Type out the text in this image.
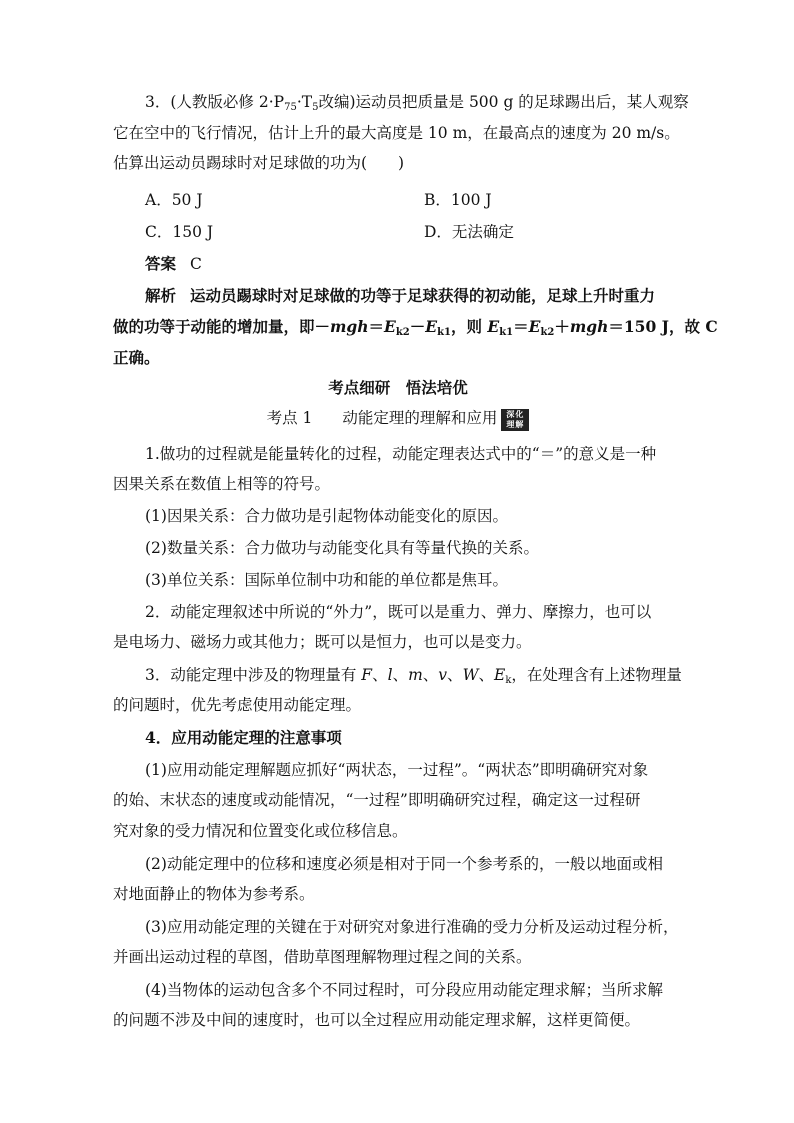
3．(人教版必修 $2\cdot P_{75}\cdot T_5$改编)运动员把质量是 500 g 的足球踢出后，某人观察
它在空中的飞行情况，估计上升的最大高度是 10 m，在最高点的速度为 20 m/s。
估算出运动员踢球时对足球做的功为(　　)
A．50 J	B．100 J
C．150 J	D．无法确定
答案 C
解析 运动员踢球时对足球做的功等于足球获得的初动能，足球上升时重力
做的功等于动能的增加量，即$-mgh=E_{k2}-E_{k1}$，则 $E_{k1}=E_{k2}+mgh=150$ J，故 C
正确。
考点细研　悟法培优
考点 1 动能定理的理解和应用 深化
理解
1.做功的过程就是能量转化的过程，动能定理表达式中的“＝”的意义是一种
因果关系在数值上相等的符号。
(1)因果关系：合力做功是引起物体动能变化的原因。
(2)数量关系：合力做功与动能变化具有等量代换的关系。
(3)单位关系：国际单位制中功和能的单位都是焦耳。
2．动能定理叙述中所说的“外力”，既可以是重力、弹力、摩擦力，也可以
是电场力、磁场力或其他力；既可以是恒力，也可以是变力。
3．动能定理中涉及的物理量有 F、l、m、v、W、$E_k$，在处理含有上述物理量
的问题时，优先考虑使用动能定理。
4．应用动能定理的注意事项
(1)应用动能定理解题应抓好“两状态，一过程”。“两状态”即明确研究对象
的始、末状态的速度或动能情况，“一过程”即明确研究过程，确定这一过程研
究对象的受力情况和位置变化或位移信息。
(2)动能定理中的位移和速度必须是相对于同一个参考系的，一般以地面或相
对地面静止的物体为参考系。
(3)应用动能定理的关键在于对研究对象进行准确的受力分析及运动过程分析，
并画出运动过程的草图，借助草图理解物理过程之间的关系。
(4)当物体的运动包含多个不同过程时，可分段应用动能定理求解；当所求解
的问题不涉及中间的速度时，也可以全过程应用动能定理求解，这样更简便。
